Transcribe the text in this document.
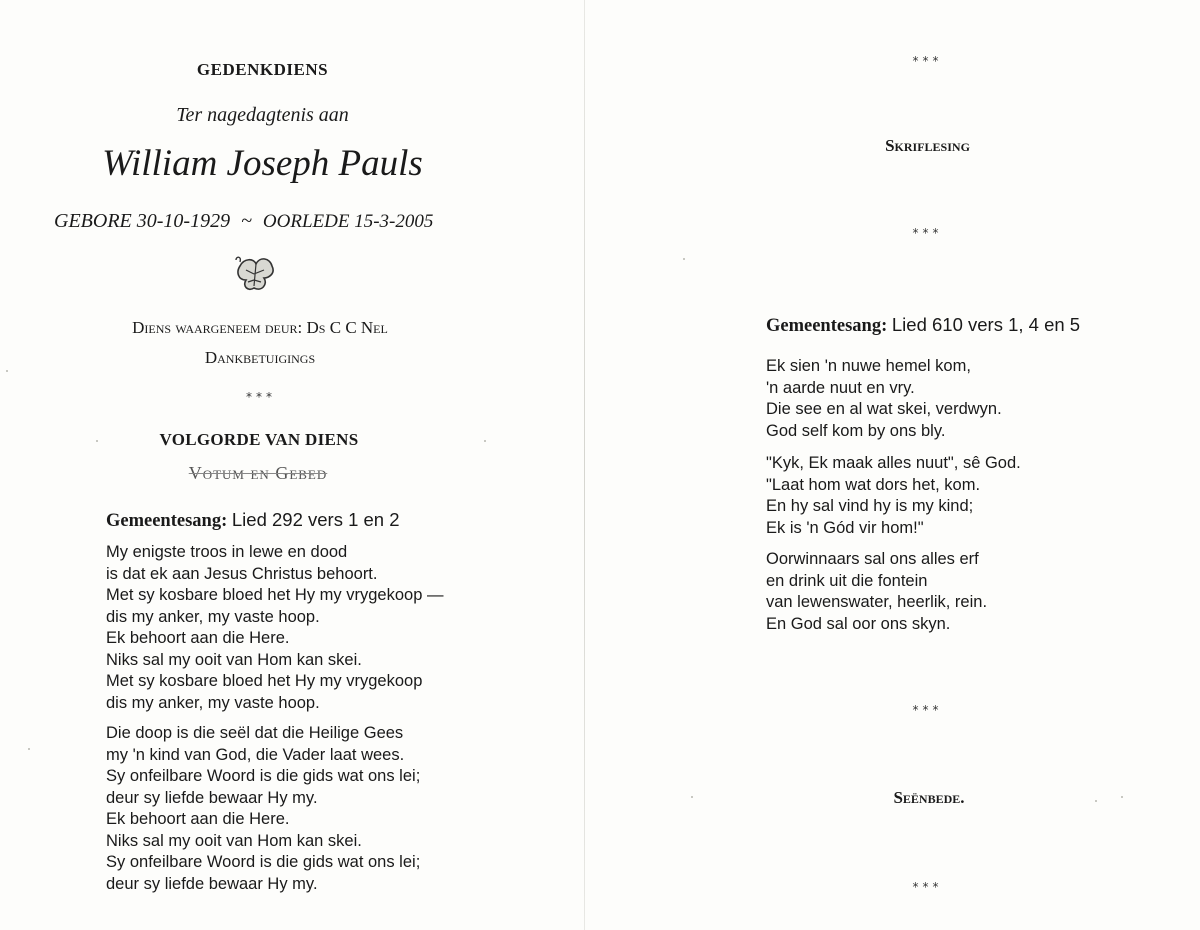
GEDENKDIENS
Ter nagedagtenis aan
William Joseph Pauls
GEBORE 30-10-1929 ~ OORLEDE 15-3-2005
Diens waargeneem deur: Ds C C Nel
Dankbetuigings
***
VOLGORDE VAN DIENS
Votum en Gebed
Gemeentesang: Lied 292 vers 1 en 2
My enigste troos in lewe en dood
is dat ek aan Jesus Christus behoort.
Met sy kosbare bloed het Hy my vrygekoop —
dis my anker, my vaste hoop.
Ek behoort aan die Here.
Niks sal my ooit van Hom kan skei.
Met sy kosbare bloed het Hy my vrygekoop
dis my anker, my vaste hoop.
Die doop is die seël dat die Heilige Gees
my 'n kind van God, die Vader laat wees.
Sy onfeilbare Woord is die gids wat ons lei;
deur sy liefde bewaar Hy my.
Ek behoort aan die Here.
Niks sal my ooit van Hom kan skei.
Sy onfeilbare Woord is die gids wat ons lei;
deur sy liefde bewaar Hy my.
***
Skriflesing
***
Gemeentesang: Lied 610 vers 1, 4 en 5
Ek sien 'n nuwe hemel kom,
'n aarde nuut en vry.
Die see en al wat skei, verdwyn.
God self kom by ons bly.
"Kyk, Ek maak alles nuut", sê God.
"Laat hom wat dors het, kom.
En hy sal vind hy is my kind;
Ek is 'n Gód vir hom!"
Oorwinnaars sal ons alles erf
en drink uit die fontein
van lewenswater, heerlik, rein.
En God sal oor ons skyn.
***
Seënbede.
***
